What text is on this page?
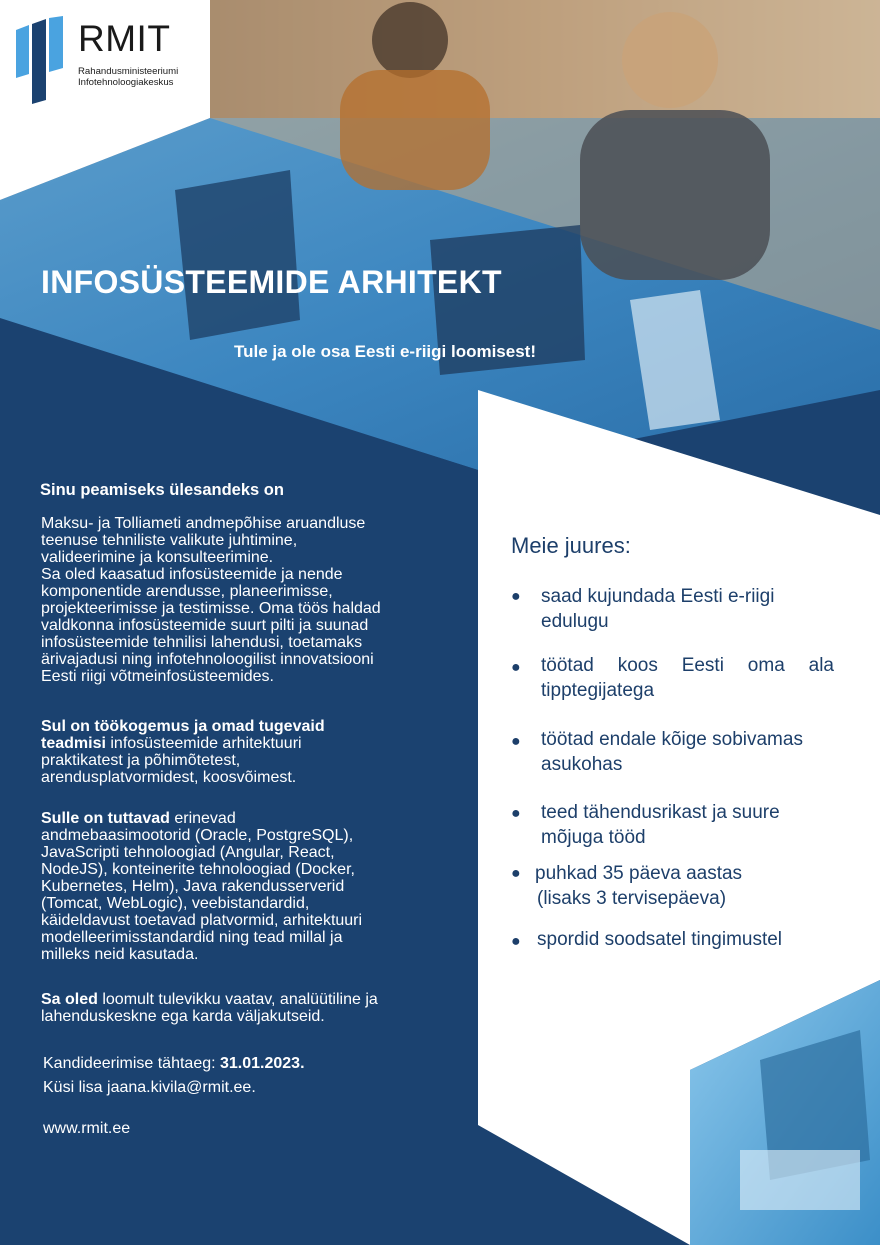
RMIT
Rahandusministeeriumi
Infotehnoloogiakeskus
INFOSÜSTEEMIDE ARHITEKT
Tule ja ole osa Eesti e-riigi loomisest!
Sinu peamiseks ülesandeks on
Maksu- ja Tolliameti andmepõhise aruandluse
teenuse tehniliste valikute juhtimine,
valideerimine ja konsulteerimine.
Sa oled kaasatud infosüsteemide ja nende
komponentide arendusse, planeerimisse,
projekteerimisse ja testimisse. Oma töös haldad
valdkonna infosüsteemide suurt pilti ja suunad
infosüsteemide tehnilisi lahendusi, toetamaks
ärivajadusi ning infotehnoloogilist innovatsiooni
Eesti riigi võtmeinfosüsteemides.
Sul on töökogemus ja omad tugevaid
teadmisi infosüsteemide arhitektuuri
praktikatest ja põhimõtetest,
arendusplatvormidest, koosvõimest.
Sulle on tuttavad erinevad
andmebaasimootorid (Oracle, PostgreSQL),
JavaScripti tehnoloogiad (Angular, React,
NodeJS), konteinerite tehnoloogiad (Docker,
Kubernetes, Helm), Java rakendusserverid
(Tomcat, WebLogic), veebistandardid,
käideldavust toetavad platvormid, arhitektuuri
modelleerimisstandardid ning tead millal ja
milleks neid kasutada.
Sa oled loomult tulevikku vaatav, analüütiline ja
lahenduskeskne ega karda väljakutseid.
Kandideerimise tähtaeg: 31.01.2023.
Küsi lisa jaana.kivila@rmit.ee.
www.rmit.ee
Meie juures:
● saad kujundada Eesti e-riigi
edulugu
● töötad koos Eesti oma ala
tipptegijatega
● töötad endale kõige sobivamas
asukohas
● teed tähendusrikast ja suure
mõjuga tööd
● puhkad 35 päeva aastas
(lisaks 3 tervisepäeva)
● spordid soodsatel tingimustel
